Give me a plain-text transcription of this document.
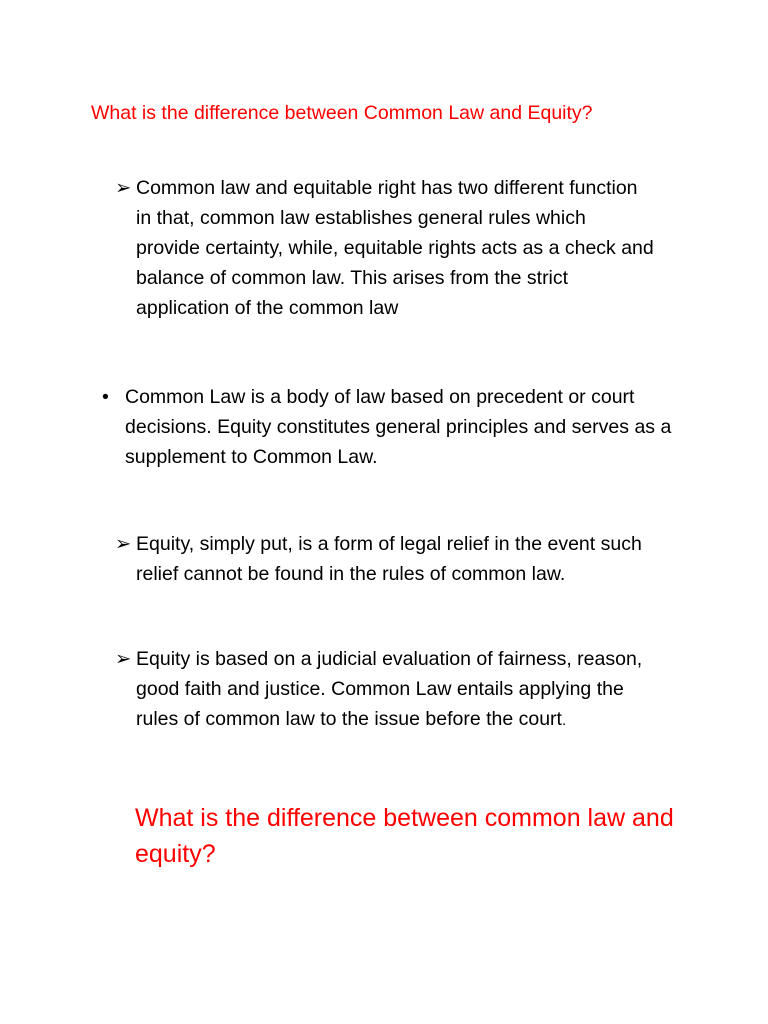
What is the difference between Common Law and Equity?
➢ Common law and equitable right has two different function in that, common law establishes general rules which provide certainty, while, equitable rights acts as a check and balance of common law. This arises from the strict application of the common law
• Common Law is a body of law based on precedent or court decisions. Equity constitutes general principles and serves as a supplement to Common Law.
➢ Equity, simply put, is a form of legal relief in the event such relief cannot be found in the rules of common law.
➢ Equity is based on a judicial evaluation of fairness, reason, good faith and justice. Common Law entails applying the rules of common law to the issue before the court.
What is the difference between common law and equity?
